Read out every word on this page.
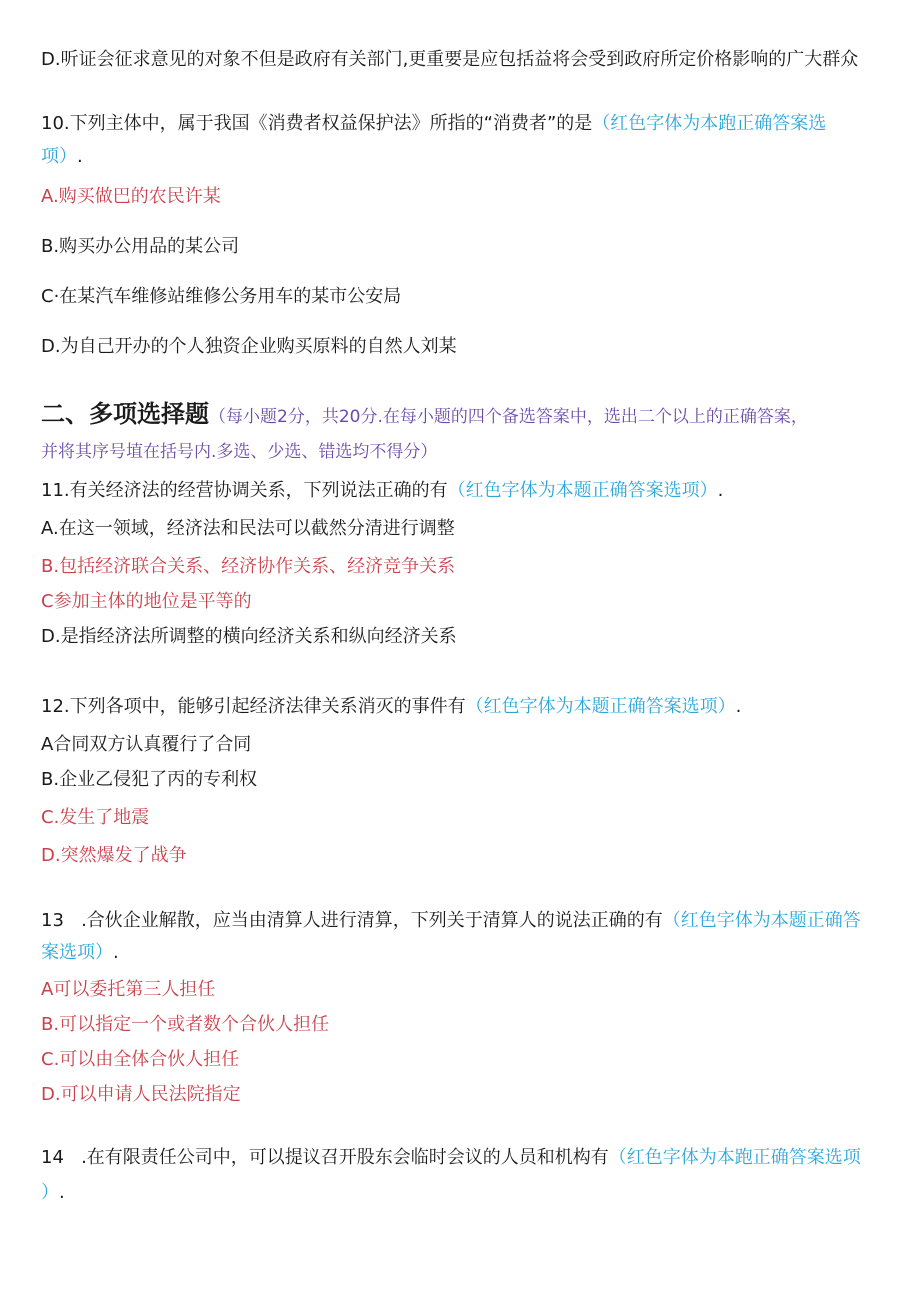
D.听证会征求意见的对象不但是政府有关部门,更重要是应包括益将会受到政府所定价格影响的广大群众

10.下列主体中，属于我国《消费者权益保护法》所指的“消费者”的是（红色字体为本跑正确答案选

项）.

A.购买做巴的农民许某

B.购买办公用品的某公司

C·在某汽车维修站维修公务用车的某市公安局

D.为自己开办的个人独资企业购买原料的自然人刘某

二、多项选择题（每小题2分，共20分.在每小题的四个备选答案中，选出二个以上的正确答案，

并将其序号埴在括号内.多选、少选、错选均不得分）

11.有关经济法的经营协调关系，下列说法正确的有（红色字体为本题正确答案选项）.

A.在这一领域，经济法和民法可以截然分清进行调整

B.包括经济联合关系、经济协作关系、经济竞争关系

C参加主体的地位是平等的

D.是指经济法所调整的横向经济关系和纵向经济关系

12.下列各项中，能够引起经济法律关系消灭的事件有（红色字体为本题正确答案选项）.

A合同双方认真覆行了合同

B.企业乙侵犯了丙的专利权

C.发生了地震

D.突然爆发了战争

13   .合伙企业解散，应当由清算人进行清算，下列关于清算人的说法正确的有（红色字体为本题正确答

案选项）.

A可以委托第三人担任

B.可以指定一个或者数个合伙人担任

C.可以由全体合伙人担任

D.可以申请人民法院指定

14   .在有限责任公司中，可以提议召开股东会临时会议的人员和机构有（红色字体为本跑正确答案选项

）.
